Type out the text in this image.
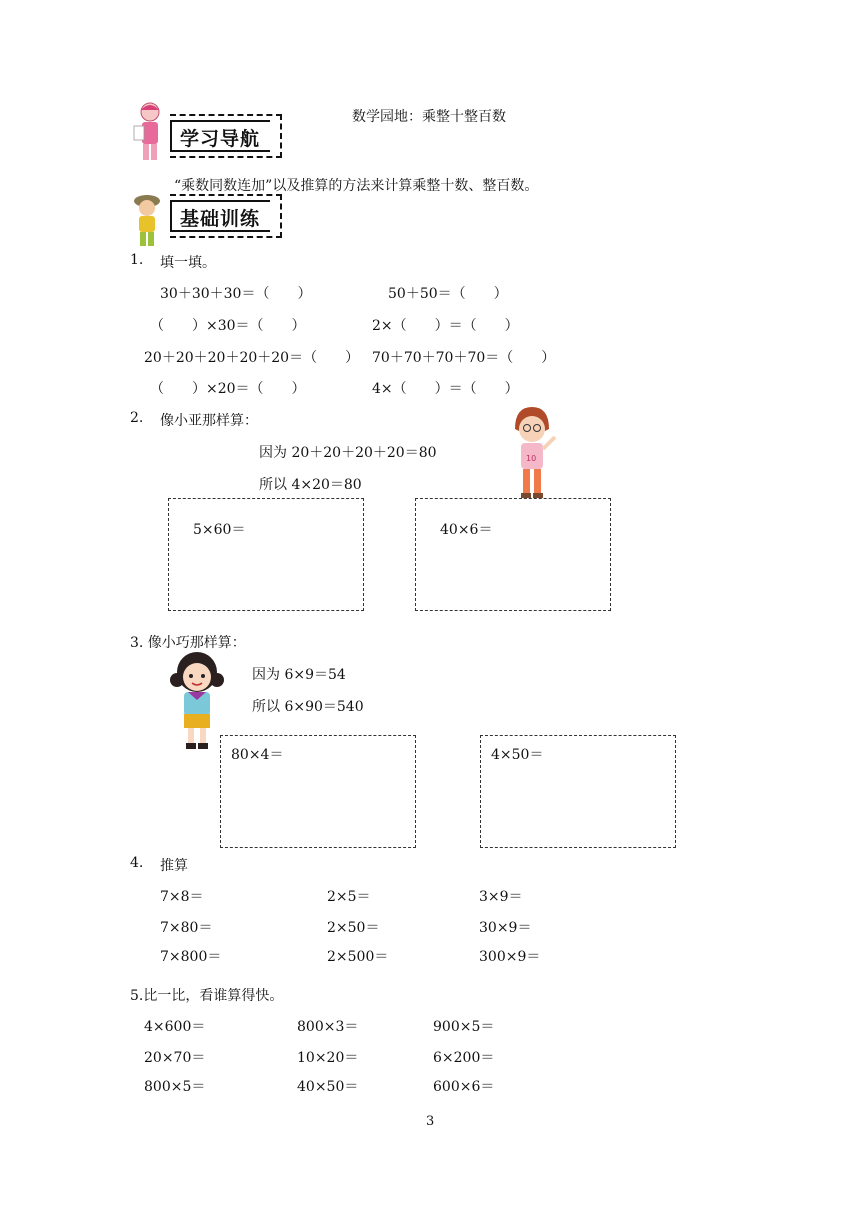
数学园地：乘整十整百数
学习导航
“乘数同数连加”以及推算的方法来计算乘整十数、整百数。
基础训练
1. 填一填。
30＋30＋30＝（　　）	50＋50＝（　　）
（　　）×30＝（　　）	2×（　　）＝（　　）
20＋20＋20＋20＋20＝（　　） 70＋70＋70＋70＝（　　）
（　　）×20＝（　　）	4×（　　）＝（　　）
2. 像小亚那样算：
因为 20＋20＋20＋20＝80
所以 4×20＝80
10
5×60＝	40×6＝
3. 像小巧那样算：
因为 6×9＝54
所以 6×90＝540
80×4＝	4×50＝
4. 推算
7×8＝	2×5＝	3×9＝
7×80＝	2×50＝	30×9＝
7×800＝	2×500＝	300×9＝
5.比一比，看谁算得快。
4×600＝	800×3＝	900×5＝
20×70＝	10×20＝	6×200＝
800×5＝	40×50＝	600×6＝
3
